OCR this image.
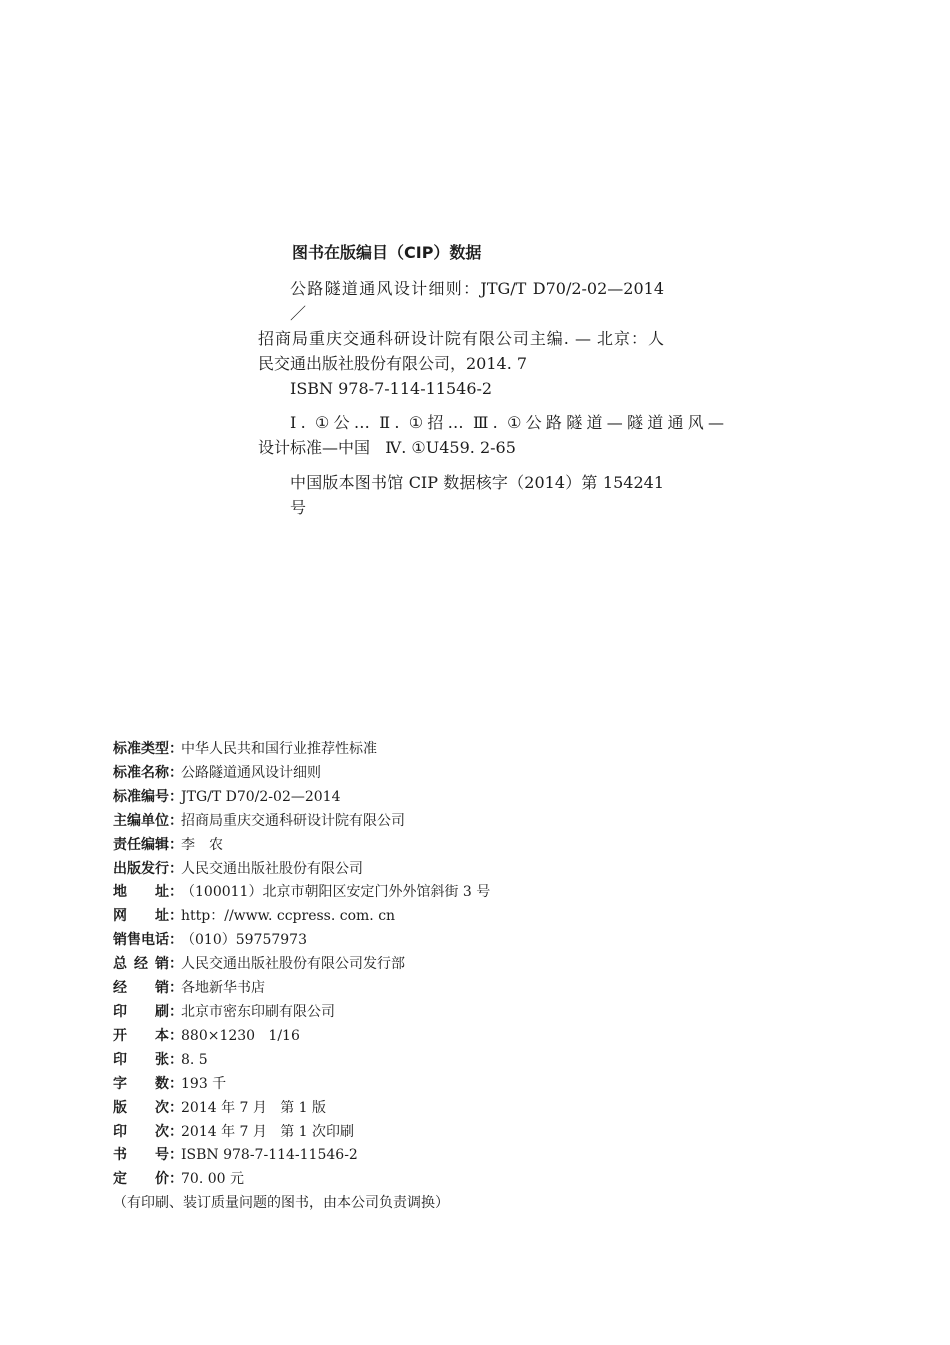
图书在版编目（CIP）数据
公路隧道通风设计细则：JTG/T D70/2-02—2014／
招商局重庆交通科研设计院有限公司主编. — 北京：人
民交通出版社股份有限公司，2014. 7
ISBN 978-7-114-11546-2
Ⅰ. ①公… Ⅱ. ①招… Ⅲ. ①公路隧道—隧道通风—
设计标准—中国   Ⅳ. ①U459. 2-65
中国版本图书馆 CIP 数据核字（2014）第 154241 号
标准类型：中华人民共和国行业推荐性标准
标准名称：公路隧道通风设计细则
标准编号：JTG/T D70/2-02—2014
主编单位：招商局重庆交通科研设计院有限公司
责任编辑：李　农
出版发行：人民交通出版社股份有限公司
地 址：（100011）北京市朝阳区安定门外外馆斜街 3 号
网 址：http：//www. ccpress. com. cn
销售电话：（010）59757973
总 经 销：人民交通出版社股份有限公司发行部
经 销：各地新华书店
印 刷：北京市密东印刷有限公司
开 本：880×1230   1/16
印 张：8. 5
字 数：193 千
版 次：2014 年 7 月   第 1 版
印 次：2014 年 7 月   第 1 次印刷
书 号：ISBN 978-7-114-11546-2
定 价：70. 00 元
（有印刷、装订质量问题的图书，由本公司负责调换）
